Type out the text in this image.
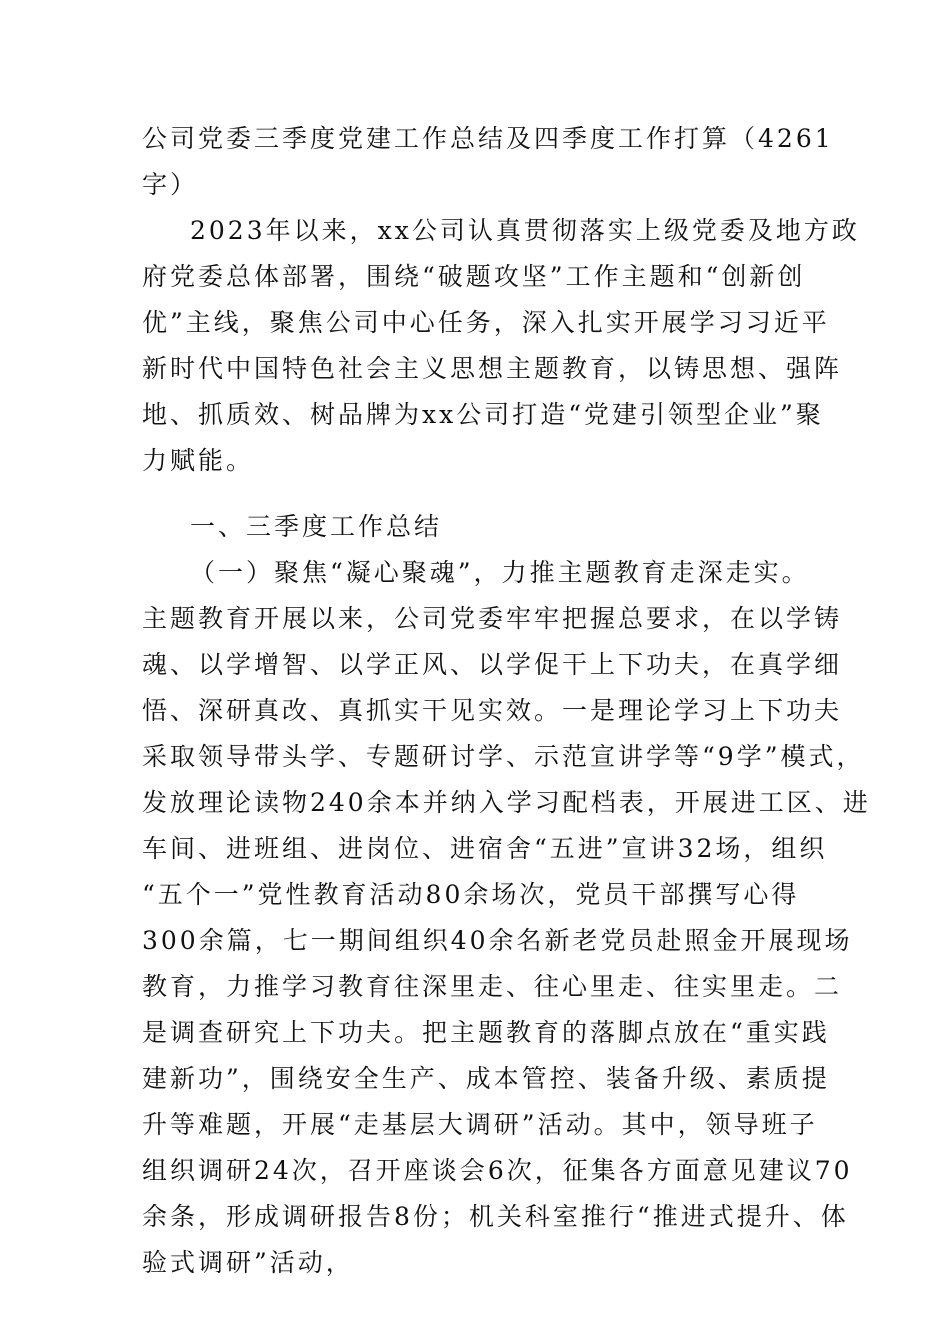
公司党委三季度党建工作总结及四季度工作打算（4261
字）
2023年以来，xx公司认真贯彻落实上级党委及地方政
府党委总体部署，围绕“破题攻坚”工作主题和“创新创
优”主线，聚焦公司中心任务，深入扎实开展学习习近平
新时代中国特色社会主义思想主题教育，以铸思想、强阵
地、抓质效、树品牌为xx公司打造“党建引领型企业”聚
力赋能。
一、三季度工作总结
（一）聚焦“凝心聚魂”，力推主题教育走深走实。
主题教育开展以来，公司党委牢牢把握总要求，在以学铸
魂、以学增智、以学正风、以学促干上下功夫，在真学细
悟、深研真改、真抓实干见实效。一是理论学习上下功夫
采取领导带头学、专题研讨学、示范宣讲学等“9学”模式，
发放理论读物240余本并纳入学习配档表，开展进工区、进
车间、进班组、进岗位、进宿舍“五进”宣讲32场，组织
“五个一”党性教育活动80余场次，党员干部撰写心得
300余篇，七一期间组织40余名新老党员赴照金开展现场
教育，力推学习教育往深里走、往心里走、往实里走。二
是调查研究上下功夫。把主题教育的落脚点放在“重实践
建新功”，围绕安全生产、成本管控、装备升级、素质提
升等难题，开展“走基层大调研”活动。其中，领导班子
组织调研24次，召开座谈会6次，征集各方面意见建议70
余条，形成调研报告8份；机关科室推行“推进式提升、体
验式调研”活动，
